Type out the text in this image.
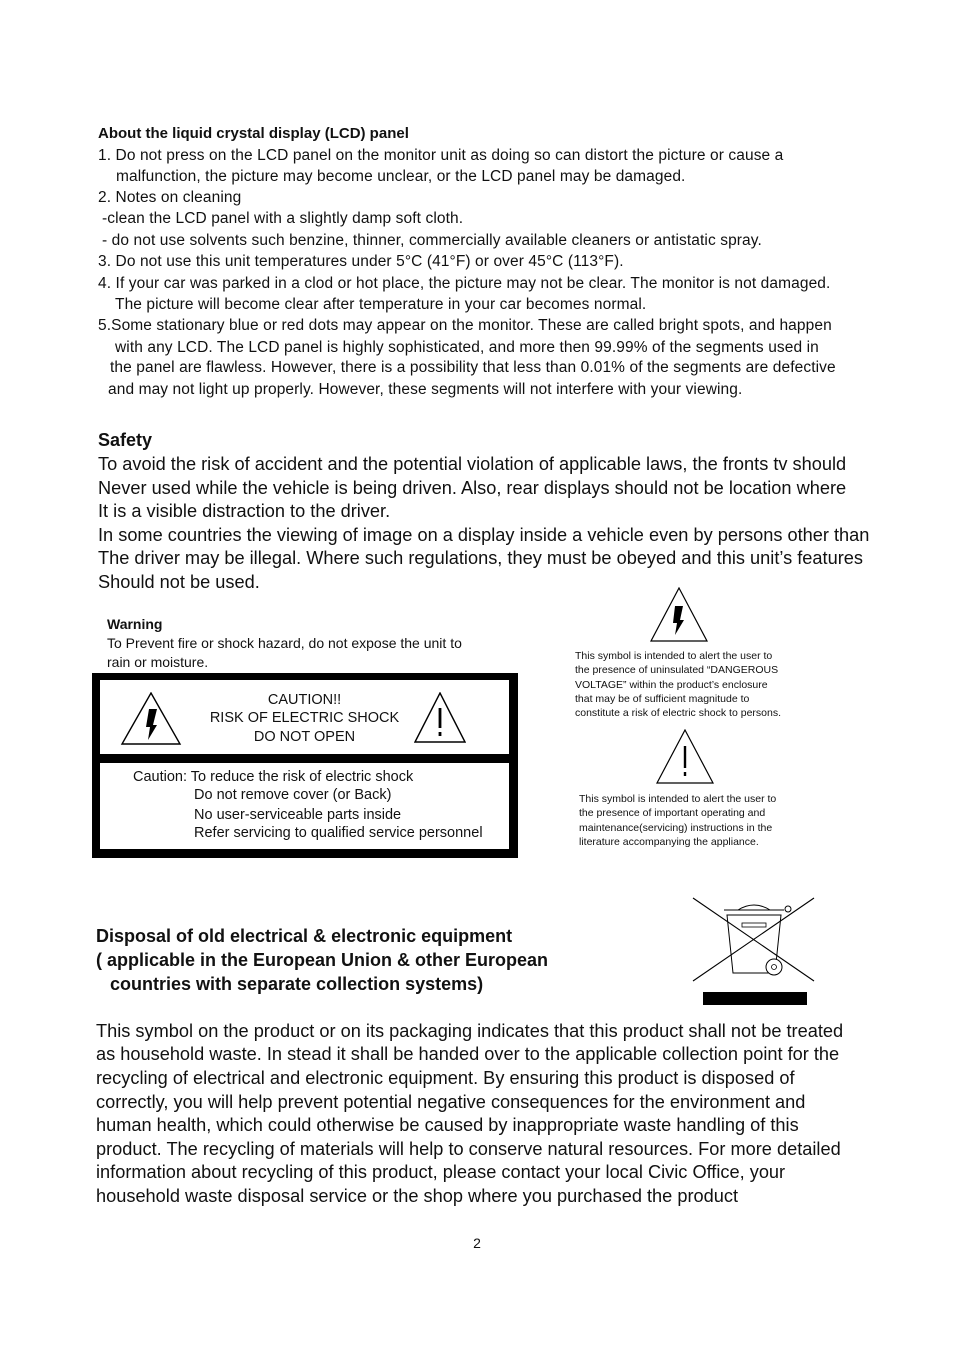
About the liquid crystal display (LCD) panel
1. Do not press on the LCD panel on the monitor unit as doing so can distort the picture or cause a
malfunction, the picture may become unclear, or the LCD panel may be damaged.
2. Notes on cleaning
-clean the LCD panel with a slightly damp soft cloth.
- do not use solvents such benzine, thinner, commercially available cleaners or antistatic spray.
3. Do not use this unit temperatures under 5°C (41°F) or over 45°C (113°F).
4. If your car was parked in a clod or hot place, the picture may not be clear. The monitor is not damaged.
The picture will become clear after temperature in your car becomes normal.
5.Some stationary blue or red dots may appear on the monitor. These are called bright spots, and happen
with any LCD. The LCD panel is highly sophisticated, and more then 99.99% of the segments used in
the panel are flawless. However, there is a possibility that less than 0.01% of the segments are defective
and may not light up properly. However, these segments will not interfere with your viewing.
Safety
To avoid the risk of accident and the potential violation of applicable laws, the fronts tv should
Never used while the vehicle is being driven. Also, rear displays should not be location where
It is a visible distraction to the driver.
In some countries the viewing of image on a display inside a vehicle even by persons other than
The driver may be illegal. Where such regulations, they must be obeyed and this unit’s features
Should not be used.
Warning
To Prevent fire or shock hazard, do not expose the unit to
rain or moisture.
CAUTION!!
RISK OF ELECTRIC SHOCK
DO NOT OPEN
Caution: To reduce the risk of electric shock
Do not remove cover (or Back)
No user-serviceable parts inside
Refer servicing to qualified service personnel
This symbol is intended to alert the user to
the presence of uninsulated “DANGEROUS
VOLTAGE” within the product’s enclosure
that may be of sufficient magnitude to
constitute a risk of electric shock to persons.
This symbol is intended to alert the user to
the presence of important operating and
maintenance(servicing) instructions in the
literature accompanying the appliance.
Disposal of old electrical & electronic equipment
( applicable in the European Union & other European
countries with separate collection systems)
This symbol on the product or on its packaging indicates that this product shall not be treated
as household waste. In stead it shall be handed over to the applicable collection point for the
recycling of electrical and electronic equipment. By ensuring this product is disposed of
correctly, you will help prevent potential negative consequences for the environment and
human health, which could otherwise be caused by inappropriate waste handling of this
product. The recycling of materials will help to conserve natural resources. For more detailed
information about recycling of this product, please contact your local Civic Office, your
household waste disposal service or the shop where you purchased the product
2
